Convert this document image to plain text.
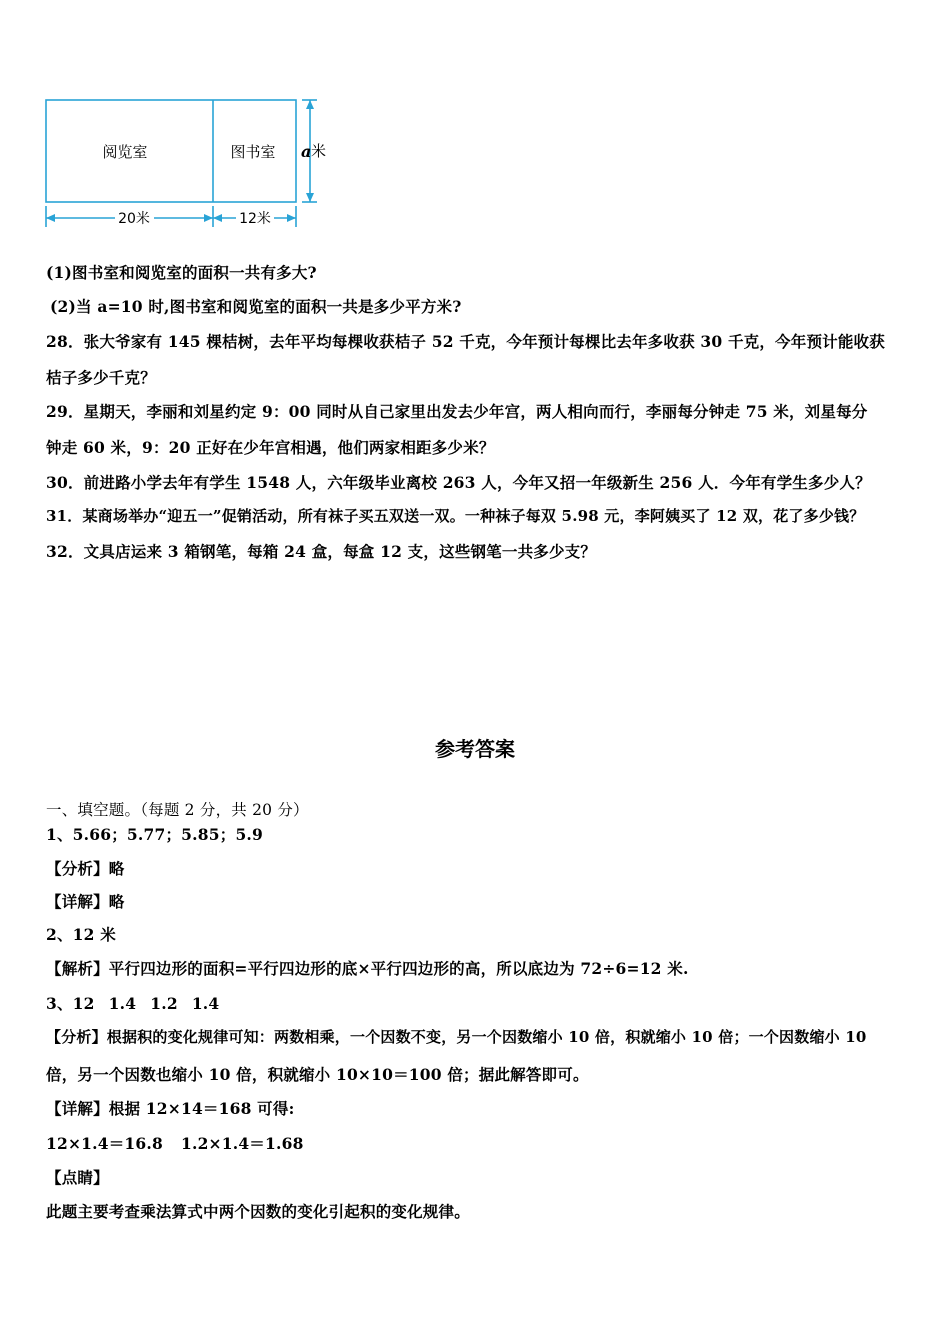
阅览室	图书室 a 米
20米	12米

(1)图书室和阅览室的面积一共有多大?

(2)当 a=10 时,图书室和阅览室的面积一共是多少平方米?

28．张大爷家有 145 棵桔树，去年平均每棵收获桔子 52 千克，今年预计每棵比去年多收获 30 千克，今年预计能收获

桔子多少千克？

29．星期天，李丽和刘星约定 9：00 同时从自己家里出发去少年宫，两人相向而行，李丽每分钟走 75 米，刘星每分

钟走 60 米，9：20 正好在少年宫相遇，他们两家相距多少米？

30．前进路小学去年有学生 1548 人，六年级毕业离校 263 人，今年又招一年级新生 256 人．今年有学生多少人？

31．某商场举办“迎五一”促销活动，所有袜子买五双送一双。一种袜子每双 5.98 元，李阿姨买了 12 双，花了多少钱？

32．文具店运来 3 箱钢笔，每箱 24 盒，每盒 12 支，这些钢笔一共多少支？

参考答案

一、填空题。（每题 2 分，共 20 分）

1、5.66；5.77；5.85；5.9

【分析】略

【详解】略

2、12 米

【解析】平行四边形的面积=平行四边形的底×平行四边形的高，所以底边为 72÷6=12 米.

3、12 1.4 1.2 1.4

【分析】根据积的变化规律可知：两数相乘，一个因数不变，另一个因数缩小 10 倍，积就缩小 10 倍；一个因数缩小 10

倍，另一个因数也缩小 10 倍，积就缩小 10×10＝100 倍；据此解答即可。

【详解】根据 12×14＝168 可得:

12×1.4＝16.8 1.2×1.4＝1.68

【点睛】

此题主要考查乘法算式中两个因数的变化引起积的变化规律。
